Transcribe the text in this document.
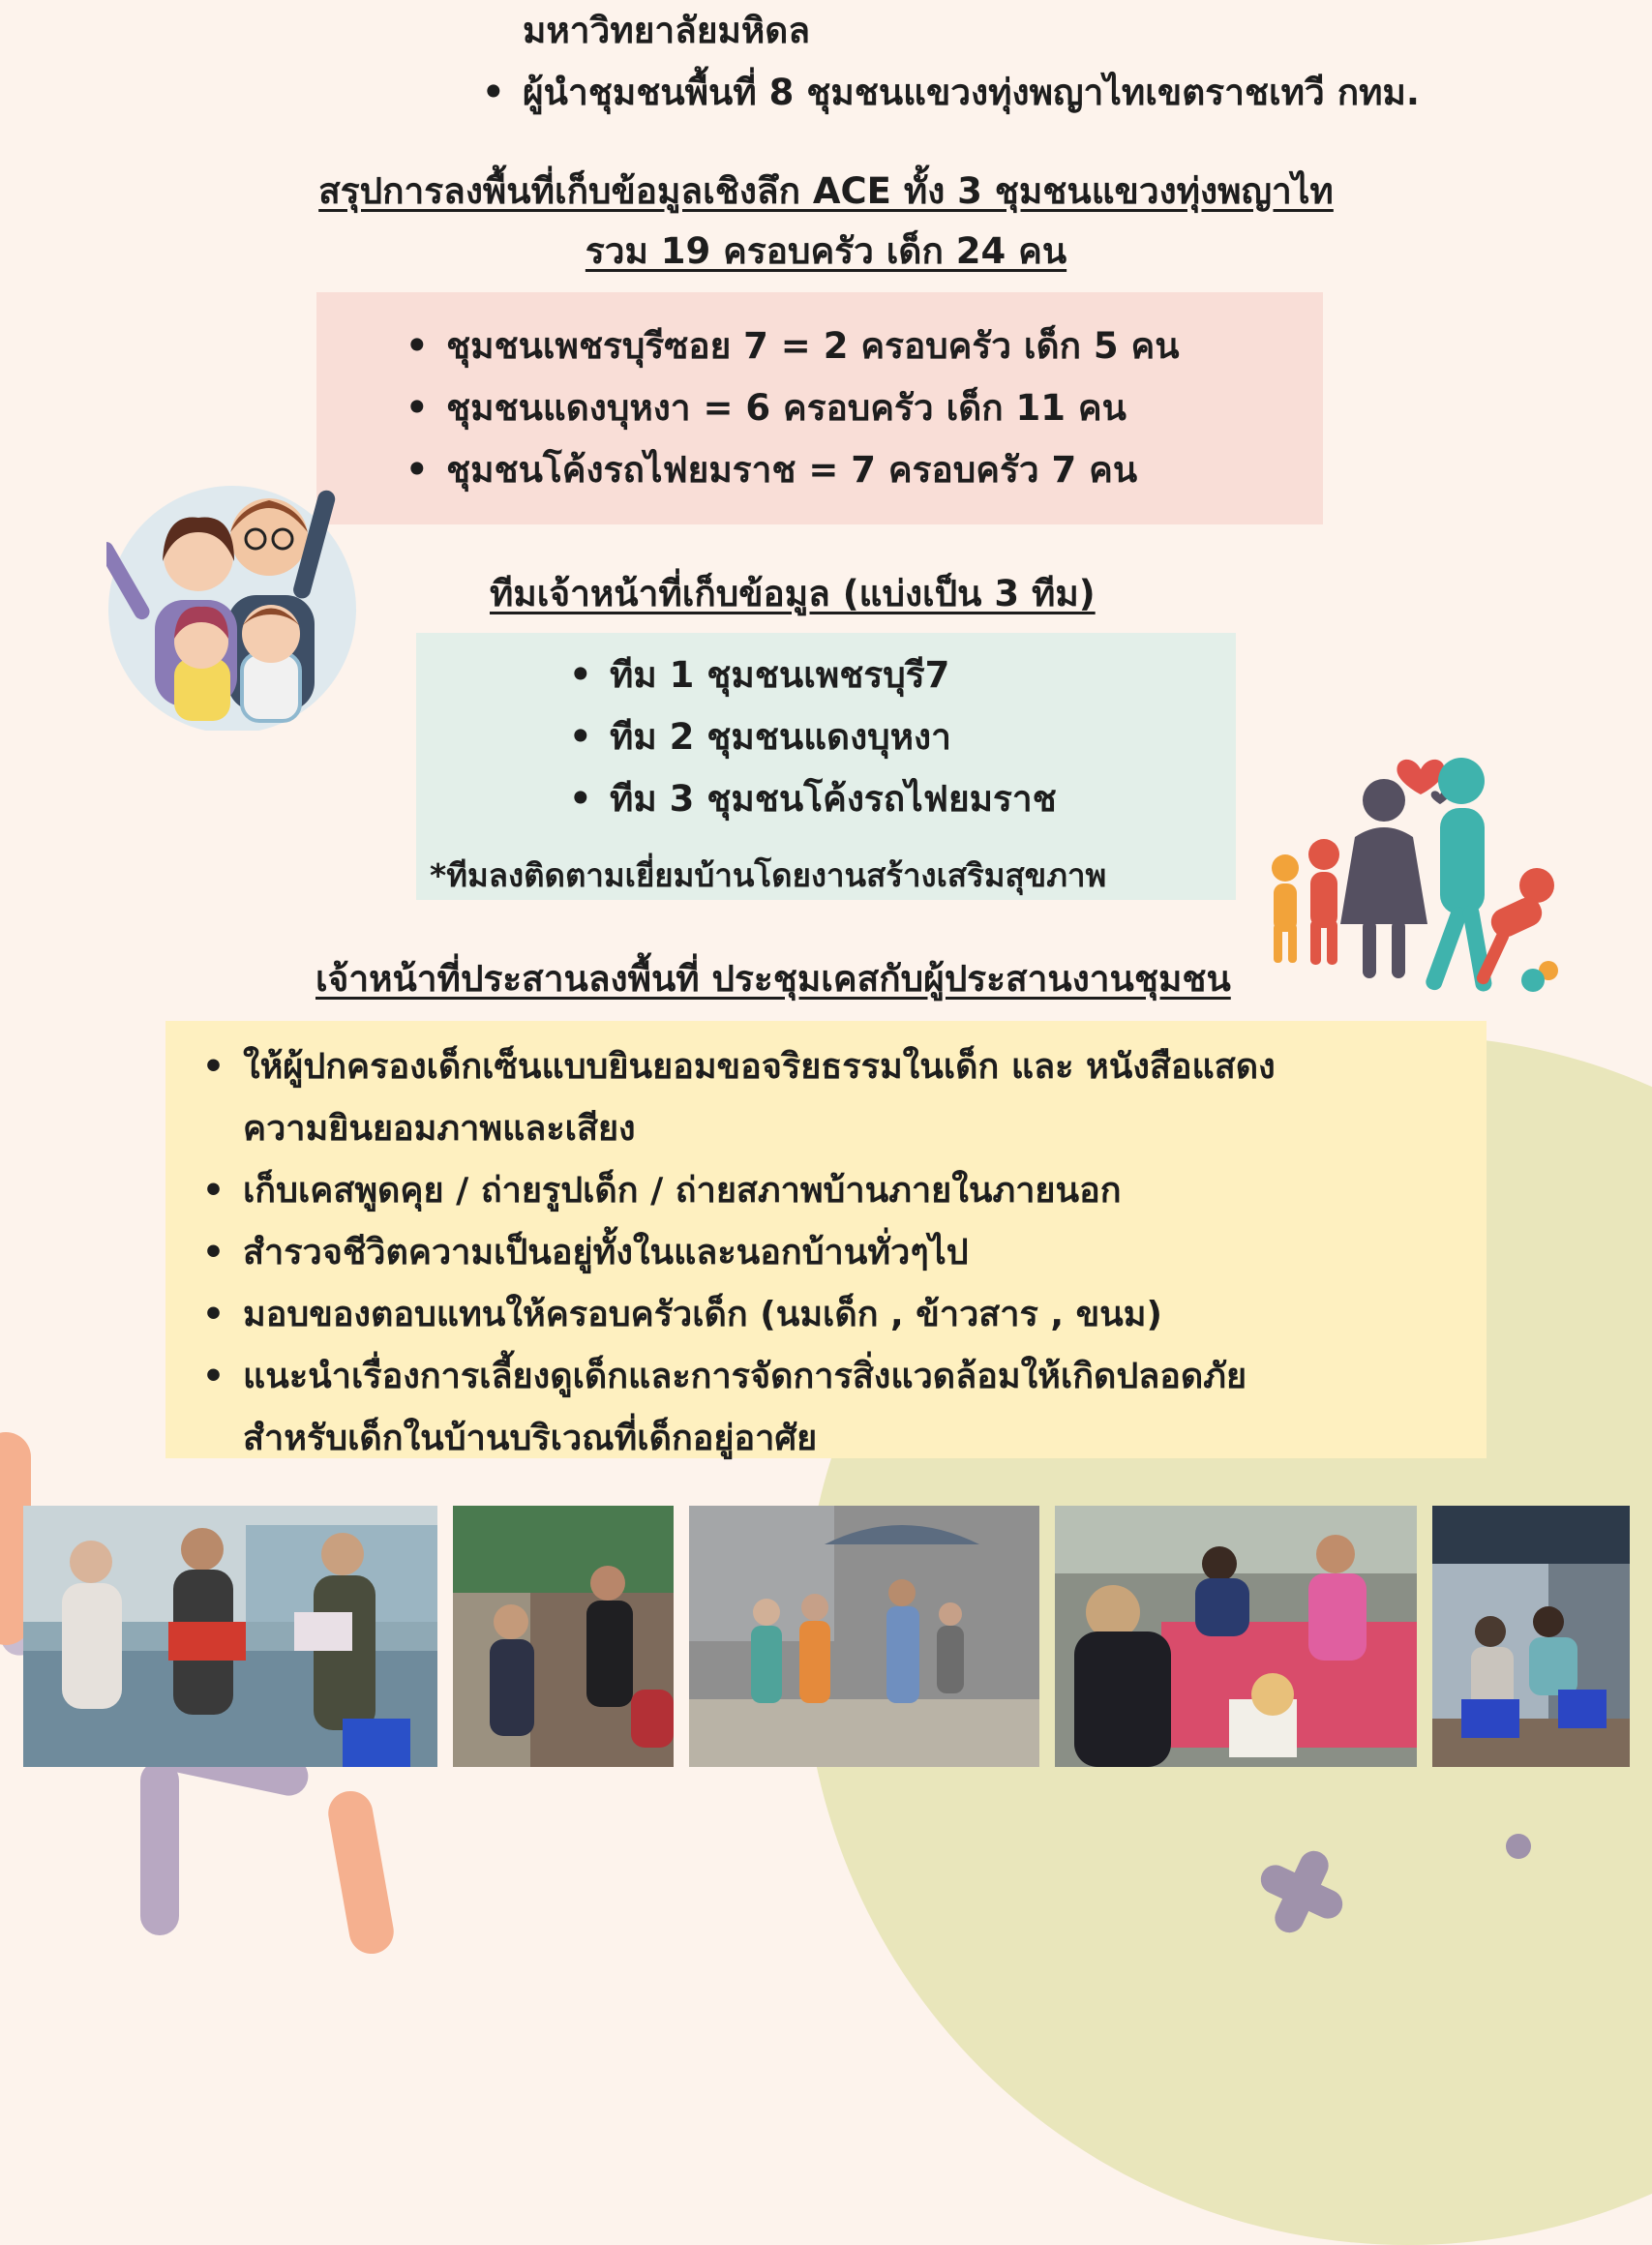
มหาวิทยาลัยมหิดล
• ผู้นำชุมชนพื้นที่ 8 ชุมชนแขวงทุ่งพญาไทเขตราชเทวี กทม.
สรุปการลงพื้นที่เก็บข้อมูลเชิงลึก ACE ทั้ง 3 ชุมชนแขวงทุ่งพญาไท
รวม 19 ครอบครัว เด็ก 24 คน
• ชุมชนเพชรบุรีซอย 7 = 2 ครอบครัว เด็ก 5 คน
• ชุมชนแดงบุหงา = 6 ครอบครัว เด็ก 11 คน
• ชุมชนโค้งรถไฟยมราช = 7 ครอบครัว 7 คน
ทีมเจ้าหน้าที่เก็บข้อมูล (แบ่งเป็น 3 ทีม)
• ทีม 1 ชุมชนเพชรบุรี7
• ทีม 2 ชุมชนแดงบุหงา
• ทีม 3 ชุมชนโค้งรถไฟยมราช
*ทีมลงติดตามเยี่ยมบ้านโดยงานสร้างเสริมสุขภาพ
เจ้าหน้าที่ประสานลงพื้นที่ ประชุมเคสกับผู้ประสานงานชุมชน
• ให้ผู้ปกครองเด็กเซ็นแบบยินยอมขอจริยธรรมในเด็ก และ หนังสือแสดง
ความยินยอมภาพและเสียง
• เก็บเคสพูดคุย / ถ่ายรูปเด็ก / ถ่ายสภาพบ้านภายในภายนอก
• สำรวจชีวิตความเป็นอยู่ทั้งในและนอกบ้านทั่วๆไป
• มอบของตอบแทนให้ครอบครัวเด็ก (นมเด็ก , ข้าวสาร , ขนม)
• แนะนำเรื่องการเลี้ยงดูเด็กและการจัดการสิ่งแวดล้อมให้เกิดปลอดภัย
สำหรับเด็กในบ้านบริเวณที่เด็กอยู่อาศัย
